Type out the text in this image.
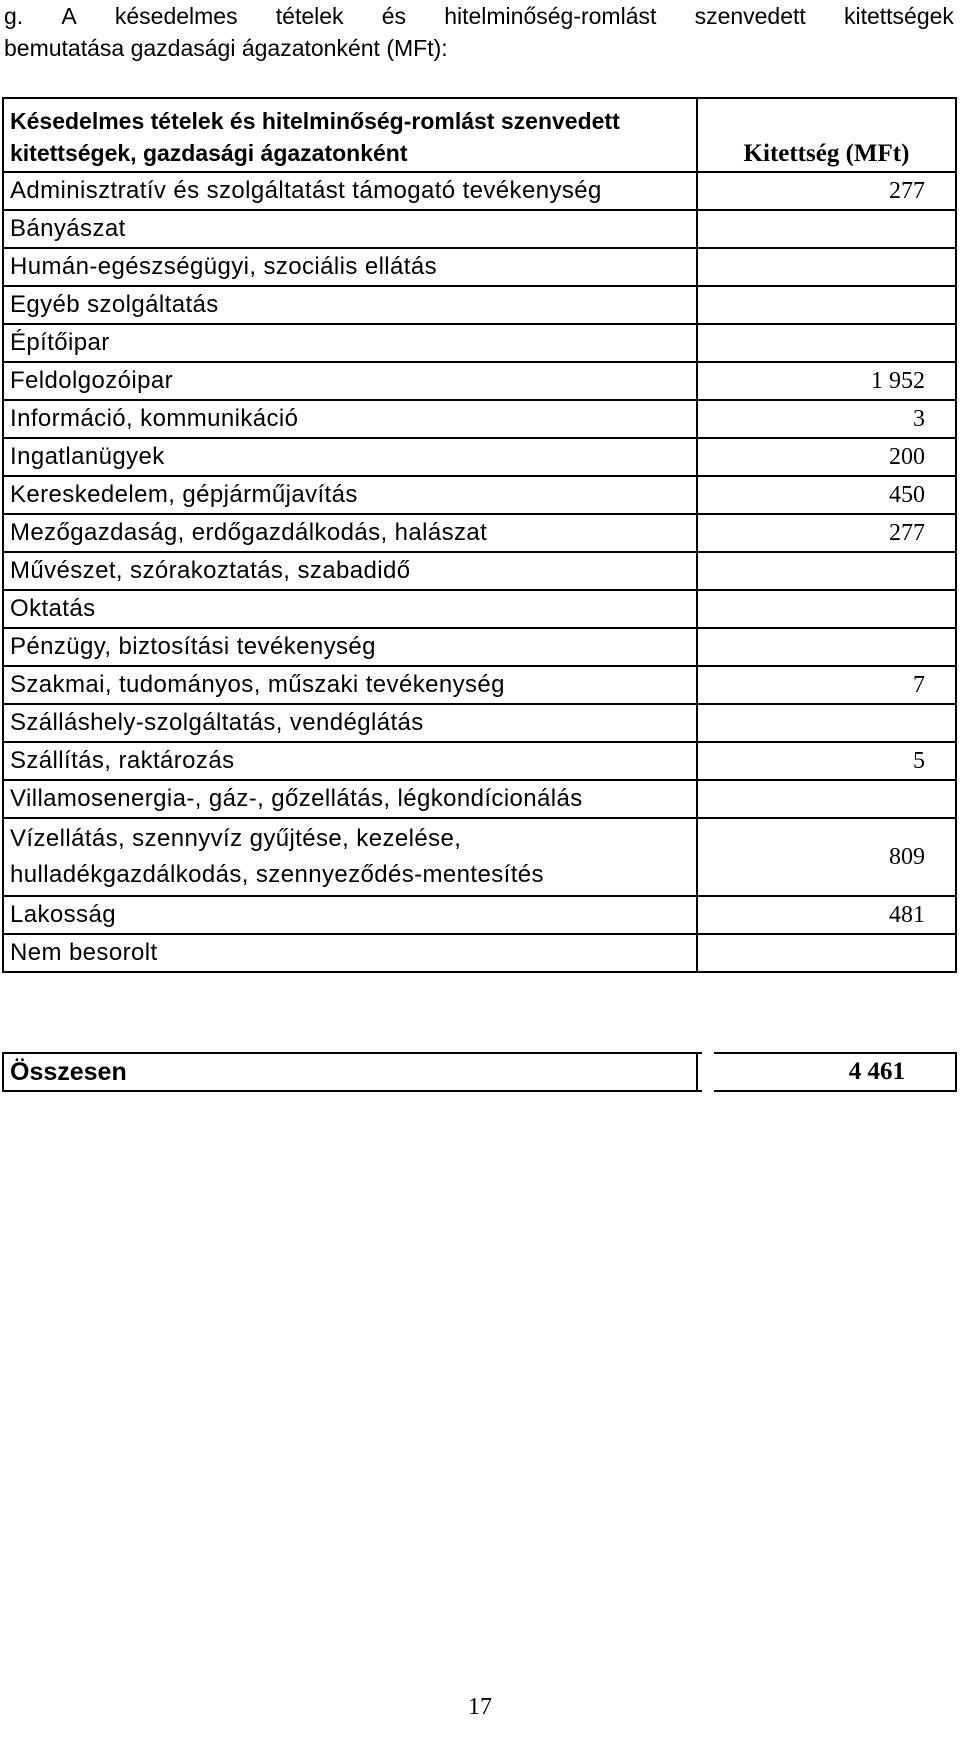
g. A késedelmes tételek és hitelminőség-romlást szenvedett kitettségek
bemutatása gazdasági ágazatonként (MFt):
Késedelmes tételek és hitelminőség-romlást szenvedett kitettségek, gazdasági ágazatonként	Kitettség (MFt)
Adminisztratív és szolgáltatást támogató tevékenység	277
Bányászat	
Humán-egészségügyi, szociális ellátás	
Egyéb szolgáltatás	
Építőipar	
Feldolgozóipar	1 952
Információ, kommunikáció	3
Ingatlanügyek	200
Kereskedelem, gépjárműjavítás	450
Mezőgazdaság, erdőgazdálkodás, halászat	277
Művészet, szórakoztatás, szabadidő	
Oktatás	
Pénzügy, biztosítási tevékenység	
Szakmai, tudományos, műszaki tevékenység	7
Szálláshely-szolgáltatás, vendéglátás	
Szállítás, raktározás	5
Villamosenergia-, gáz-, gőzellátás, légkondícionálás	
Vízellátás, szennyvíz gyűjtése, kezelése, hulladékgazdálkodás, szennyeződés-mentesítés	809
Lakosság	481
Nem besorolt	
Összesen	4 461
17
